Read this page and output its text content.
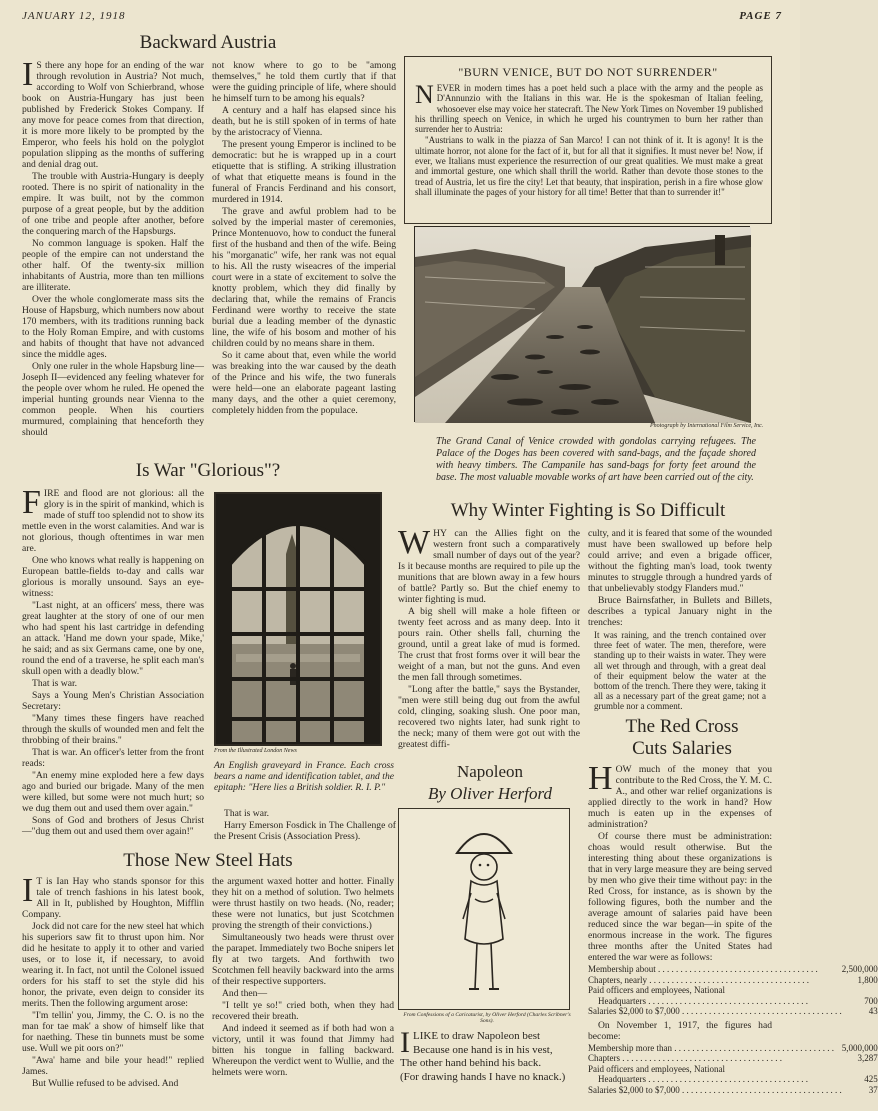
JANUARY 12, 1918	PAGE 7
Backward Austria
I S there any hope for an ending of the war through revolution in Austria? Not much, according to Wolf von Schierbrand, whose book on Austria-Hungary has just been published by Frederick Stokes Company. If any move for peace comes from that direction, it is more more likely to be prompted by the Emperor, who feels his hold on the polyglot population slipping as the months of suffering and denial drag out.

The trouble with Austria-Hungary is deeply rooted. There is no spirit of nationality in the empire. It was built, not by the common purpose of a great people, but by the addition of one tribe and people after another, before the conquering march of the Hapsburgs.

No common language is spoken. Half the people of the empire can not understand the other half. Of the twenty-six million inhabitants of Austria, more than ten millions are illiterate.

Over the whole conglomerate mass sits the House of Hapsburg, which numbers now about 170 members, with its traditions running back to the Holy Roman Empire, and with customs and habits of thought that have not advanced since the middle ages.

Only one ruler in the whole Hapsburg line—Joseph II—evidenced any feeling whatever for the people over whom he ruled. He opened the imperial hunting grounds near Vienna to the common people. When his courtiers murmured, complaining that henceforth they should

not know where to go to be "among themselves," he told them curtly that if that were the guiding principle of life, where should he himself turn to be among his equals?

A century and a half has elapsed since his death, but he is still spoken of in terms of hate by the aristocracy of Vienna.

The present young Emperor is inclined to be democratic: but he is wrapped up in a court etiquette that is stifling. A striking illustration of what that etiquette means is found in the funeral of Francis Ferdinand and his consort, murdered in 1914.

The grave and awful problem had to be solved by the imperial master of ceremonies, Prince Montenuovo, how to conduct the funeral first of the husband and then of the wife. Being his "morganatic" wife, her rank was not equal to his. All the rusty wiseacres of the imperial court were in a state of excitement to solve the knotty problem, which they did finally by declaring that, while the remains of Francis Ferdinand were worthy to receive the state burial due a leading member of the dynastic line, the wife of his bosom and mother of his children could by no means share in them.

So it came about that, even while the world was breaking into the war caused by the death of the Prince and his wife, the two funerals were held—one an elaborate pageant lasting many days, and the other a quiet ceremony, completely hidden from the populace.

"BURN VENICE, BUT DO NOT SURRENDER"
N EVER in modern times has a poet held such a place with the army and the people as D'Annunzio with the Italians in this war. He is the spokesman of Italian feeling, whosoever else may voice her statecraft. The New York Times on November 19 published his thrilling speech on Venice, in which he urged his countrymen to burn her rather than surrender her to Austria:

"Austrians to walk in the piazza of San Marco! I can not think of it. It is agony! It is the ultimate horror, not alone for the fact of it, but for all that it signifies. It must never be! Now, if ever, we Italians must experience the resurrection of our great qualities. We must make a great and immortal gesture, one which shall thrill the world. Rather than devote those stones to the tread of Austria, let us fire the city! Let that beauty, that inspiration, perish in a fire whose glow shall illuminate the pages of your history for all time! Better that than to surrender it!"

Photograph by International Film Service, Inc.
The Grand Canal of Venice crowded with gondolas carrying refugees. The Palace of the Doges has been covered with sand-bags, and the façade shored with heavy timbers. The Campanile has sand-bags for forty feet around the base. The most valuable movable works of art have been carried out of the city.
Is War "Glorious"?
F IRE and flood are not glorious: all the glory is in the spirit of mankind, which is made of stuff too splendid not to show its mettle even in the worst calamities. And war is not glorious, though oftentimes in war men are.

One who knows what really is happening on European battle-fields to-day and calls war glorious is morally unsound. Says an eye-witness:

"Last night, at an officers' mess, there was great laughter at the story of one of our men who had spent his last cartridge in defending an attack. 'Hand me down your spade, Mike,' he said; and as six Germans came, one by one, round the end of a traverse, he split each man's skull open with a deadly blow."

That is war.

Says a Young Men's Christian Association Secretary:

"Many times these fingers have reached through the skulls of wounded men and felt the throbbing of their brains."

That is war. An officer's letter from the front reads:

"An enemy mine exploded here a few days ago and buried our brigade. Many of the men were killed, but some were not much hurt; so we dug them out and used them over again."

Sons of God and brothers of Jesus Christ—"dug them out and used them over again!"

From the Illustrated London News
An English graveyard in France. Each cross bears a name and identification tablet, and the epitaph: "Here lies a British soldier. R. I. P."

That is war.

Harry Emerson Fosdick in The Challenge of the Present Crisis (Association Press).

Why Winter Fighting is So Difficult
W HY can the Allies fight on the western front such a comparatively small number of days out of the year? Is it because months are required to pile up the munitions that are blown away in a few hours of battle? Partly so. But the chief enemy to winter fighting is mud.

A big shell will make a hole fifteen or twenty feet across and as many deep. Into it pours rain. Other shells fall, churning the ground, until a great lake of mud is formed. The crust that frost forms over it will bear the weight of a man, but not the guns. And even the men fall through sometimes.

"Long after the battle," says the Bystander, "men were still being dug out from the awful cold, clinging, soaking slush. One poor man, recovered two nights later, had sunk right to the neck; many of them were got out with the greatest diffi-

culty, and it is feared that some of the wounded must have been swallowed up before help could arrive; and even a brigade officer, without the fighting man's load, took twenty minutes to struggle through a hundred yards of that unbelievably stodgy Flanders mud."

Bruce Bairnsfather, in Bullets and Billets, describes a typical January night in the trenches:

It was raining, and the trench contained over three feet of water. The men, therefore, were standing up to their waists in water. They were all wet through and through, with a great deal of their equipment below the water at the bottom of the trench. There they were, taking it all as a necessary part of the great game; not a grumble nor a comment.

Napoleon
By Oliver Herford
From Confessions of a Caricaturist, by Oliver Herford (Charles Scribner's Sons).
I LIKE to draw Napoleon best

Because one hand is in his vest,

The other hand behind his back.

(For drawing hands I have no knack.)

The Red Cross
Cuts Salaries
H OW much of the money that you contribute to the Red Cross, the Y. M. C. A., and other war relief organizations is applied directly to the work in hand? How much is eaten up in the expenses of administration?

Of course there must be administration: choas would result otherwise. But the interesting thing about these organizations is that in very large measure they are being served by men who give their time without pay: in the Red Cross, for instance, as is shown by the following figures, both the number and the average amount of salaries paid have been reduced since the war began—in spite of the enormous increase in the work. The figures three months after the United States had entered the war were as follows:

Membership about . . .	2,500,000
Chapters, nearly . . .	1,800
Paid officers and employees, National	
Headquarters . . .	700
Salaries $2,000 to $7,000 . . .	43

On November 1, 1917, the figures had become:

Membership more than . . .	5,000,000
Chapters . . .	3,287
Paid officers and employees, National	
Headquarters . . .	425
Salaries $2,000 to $7,000 . . .	37
Those New Steel Hats
I T is Ian Hay who stands sponsor for this tale of trench fashions in his latest book, All in It, published by Houghton, Mifflin Company.

Jock did not care for the new steel hat which his superiors saw fit to thrust upon him. Nor did he hesitate to apply it to other and varied uses, or to lose it, if necessary, to avoid wearing it. In fact, not until the Colonel issued orders for his staff to set the style did his honor, the private, even deign to consider its merits. Then the following argument arose:

"I'm tellin' you, Jimmy, the C. O. is no the man for tae mak' a show of himself like that for naething. These tin bunnets must be some use. Wull we pit oors on?"

"Awa' hame and bile your head!" replied James.

But Wullie refused to be advised. And

the argument waxed hotter and hotter. Finally they hit on a method of solution. Two helmets were thrust hastily on two heads. (No, reader; these were not lunatics, but just Scotchmen proving the strength of their convictions.)

Simultaneously two heads were thrust over the parapet. Immediately two Boche snipers let fly at two targets. And forthwith two Scotchmen fell heavily backward into the arms of their respective supporters.

And then—

"I tellt ye so!" cried both, when they had recovered their breath.

And indeed it seemed as if both had won a victory, until it was found that Jimmy had bitten his tongue in falling backward. Whereupon the verdict went to Wullie, and the helmets were worn.
